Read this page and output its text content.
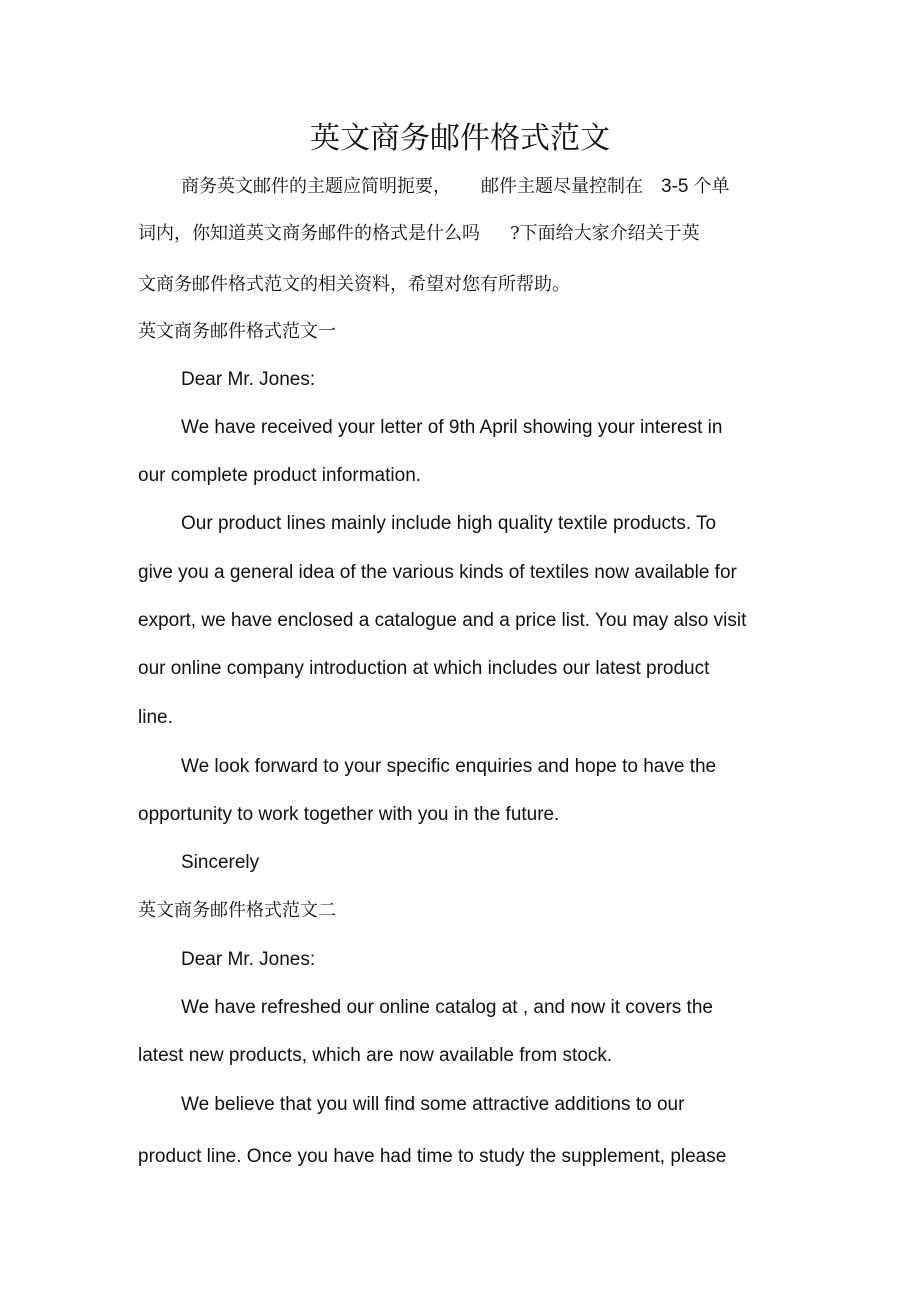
英文商务邮件格式范文

商务英文邮件的主题应简明扼要， 邮件主题尽量控制在 3-5 个单

词内，你知道英文商务邮件的格式是什么吗 ?下面给大家介绍关于英

文商务邮件格式范文的相关资料，希望对您有所帮助。

英文商务邮件格式范文一

Dear Mr. Jones:

We have received your letter of 9th April showing your interest in

our complete product information.

Our product lines mainly include high quality textile products. To

give you a general idea of the various kinds of textiles now available for

export, we have enclosed a catalogue and a price list. You may also visit

our online company introduction at which includes our latest product

line.

We look forward to your specific enquiries and hope to have the

opportunity to work together with you in the future.

Sincerely

英文商务邮件格式范文二

Dear Mr. Jones:

We have refreshed our online catalog at , and now it covers the

latest new products, which are now available from stock.

We believe that you will find some attractive additions to our

product line. Once you have had time to study the supplement, please
